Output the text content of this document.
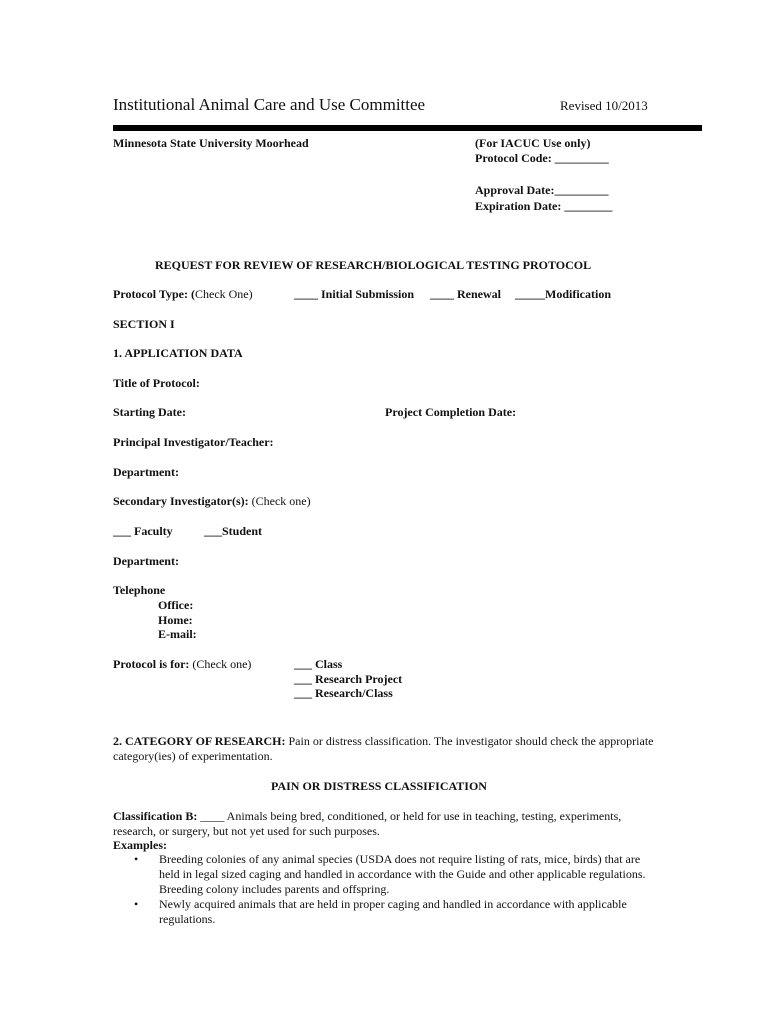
Institutional Animal Care and Use Committee	Revised 10/2013
Minnesota State University Moorhead	(For IACUC Use only)
Protocol Code: _________
Approval Date:_________
Expiration Date: ________
REQUEST FOR REVIEW OF RESEARCH/BIOLOGICAL TESTING PROTOCOL
Protocol Type: (Check One)	____ Initial Submission ____ Renewal _____Modification
SECTION I
1. APPLICATION DATA
Title of Protocol:
Starting Date:	Project Completion Date:
Principal Investigator/Teacher:
Department:
Secondary Investigator(s): (Check one)
___ Faculty	___Student
Department:
Telephone
Office:
Home:
E-mail:
Protocol is for: (Check one)	___ Class
___ Research Project
___ Research/Class
2. CATEGORY OF RESEARCH: Pain or distress classification. The investigator should check the appropriate category(ies) of experimentation.
PAIN OR DISTRESS CLASSIFICATION
Classification B: ____ Animals being bred, conditioned, or held for use in teaching, testing, experiments, research, or surgery, but not yet used for such purposes.
Examples:
• Breeding colonies of any animal species (USDA does not require listing of rats, mice, birds) that are held in legal sized caging and handled in accordance with the Guide and other applicable regulations. Breeding colony includes parents and offspring.
• Newly acquired animals that are held in proper caging and handled in accordance with applicable regulations.
